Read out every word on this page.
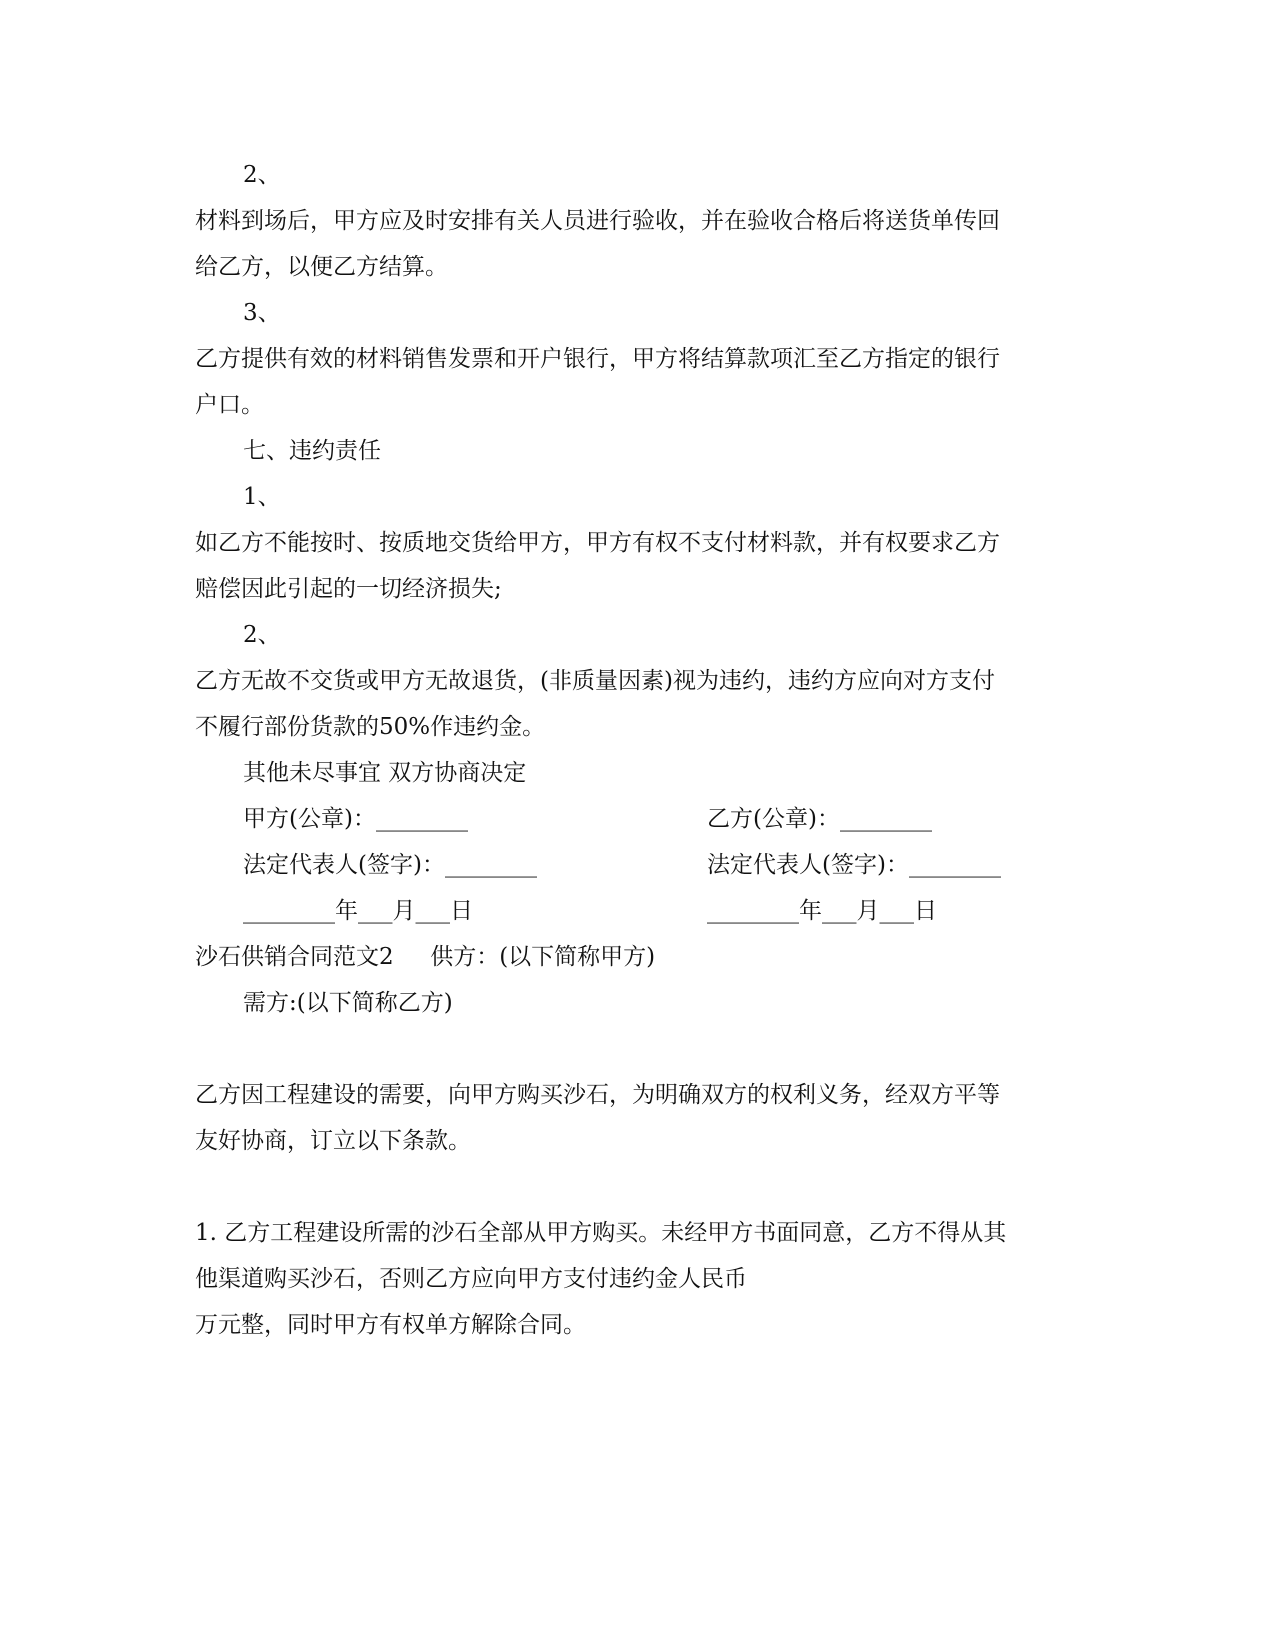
2、
材料到场后，甲方应及时安排有关人员进行验收，并在验收合格后将送货单传回
给乙方，以便乙方结算。
3、
乙方提供有效的材料销售发票和开户银行，甲方将结算款项汇至乙方指定的银行
户口。
七、违约责任
1、
如乙方不能按时、按质地交货给甲方，甲方有权不支付材料款，并有权要求乙方
赔偿因此引起的一切经济损失;
2、
乙方无故不交货或甲方无故退货，(非质量因素)视为违约，违约方应向对方支付
不履行部份货款的50%作违约金。
其他未尽事宜 双方协商决定
甲方(公章)：________	乙方(公章)：________
法定代表人(签字)：________	法定代表人(签字)：________
________年___月___日	________年___月___日
沙石供销合同范文2     供方：(以下简称甲方)
需方:(以下简称乙方)
乙方因工程建设的需要，向甲方购买沙石，为明确双方的权利义务，经双方平等
友好协商，订立以下条款。
1. 乙方工程建设所需的沙石全部从甲方购买。未经甲方书面同意，乙方不得从其
他渠道购买沙石，否则乙方应向甲方支付违约金人民币
万元整，同时甲方有权单方解除合同。
